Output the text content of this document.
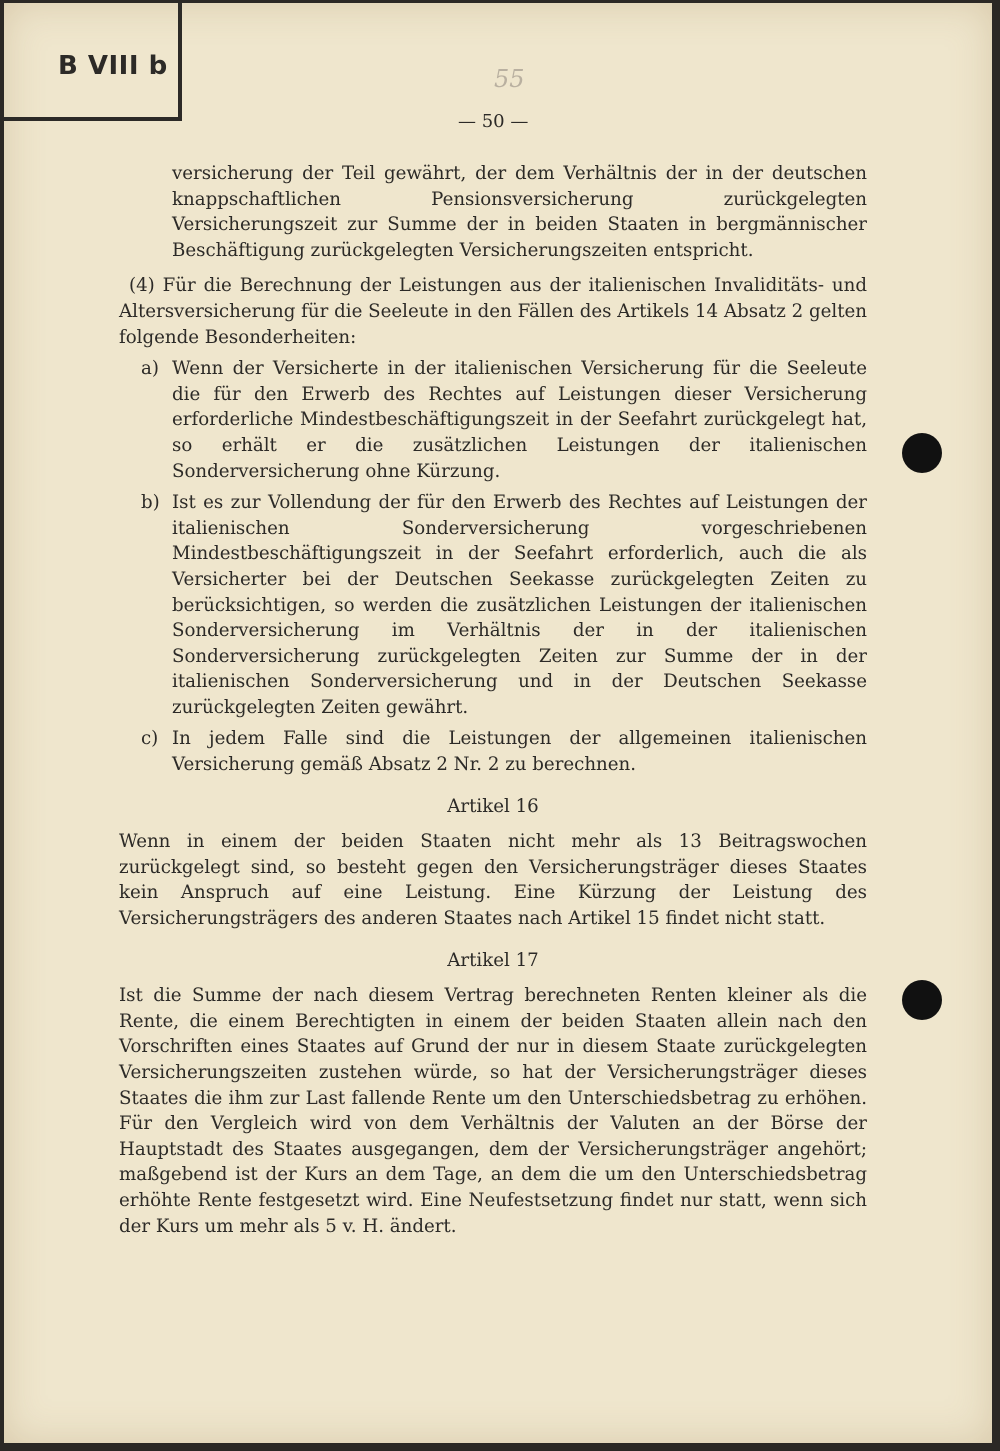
B VIII b	55
— 50 —

versicherung der Teil gewährt, der dem Verhältnis der in der deutschen knappschaftlichen Pensionsversicherung zurückgelegten Versicherungszeit zur Summe der in beiden Staaten in bergmännischer Beschäftigung zurückgelegten Versicherungszeiten entspricht.

(4) Für die Berechnung der Leistungen aus der italienischen Invaliditäts- und Altersversicherung für die Seeleute in den Fällen des Artikels 14 Absatz 2 gelten folgende Besonderheiten:

a) Wenn der Versicherte in der italienischen Versicherung für die Seeleute die für den Erwerb des Rechtes auf Leistungen dieser Versicherung erforderliche Mindestbeschäftigungszeit in der Seefahrt zurückgelegt hat, so erhält er die zusätzlichen Leistungen der italienischen Sonderversicherung ohne Kürzung.

b) Ist es zur Vollendung der für den Erwerb des Rechtes auf Leistungen der italienischen Sonderversicherung vorgeschriebenen Mindestbeschäftigungszeit in der Seefahrt erforderlich, auch die als Versicherter bei der Deutschen Seekasse zurückgelegten Zeiten zu berücksichtigen, so werden die zusätzlichen Leistungen der italienischen Sonderversicherung im Verhältnis der in der italienischen Sonderversicherung zurückgelegten Zeiten zur Summe der in der italienischen Sonderversicherung und in der Deutschen Seekasse zurückgelegten Zeiten gewährt.

c) In jedem Falle sind die Leistungen der allgemeinen italienischen Versicherung gemäß Absatz 2 Nr. 2 zu berechnen.

Artikel 16

Wenn in einem der beiden Staaten nicht mehr als 13 Beitragswochen zurückgelegt sind, so besteht gegen den Versicherungsträger dieses Staates kein Anspruch auf eine Leistung. Eine Kürzung der Leistung des Versicherungsträgers des anderen Staates nach Artikel 15 findet nicht statt.

Artikel 17

Ist die Summe der nach diesem Vertrag berechneten Renten kleiner als die Rente, die einem Berechtigten in einem der beiden Staaten allein nach den Vorschriften eines Staates auf Grund der nur in diesem Staate zurückgelegten Versicherungszeiten zustehen würde, so hat der Versicherungsträger dieses Staates die ihm zur Last fallende Rente um den Unterschiedsbetrag zu erhöhen. Für den Vergleich wird von dem Verhältnis der Valuten an der Börse der Hauptstadt des Staates ausgegangen, dem der Versicherungsträger angehört; maßgebend ist der Kurs an dem Tage, an dem die um den Unterschiedsbetrag erhöhte Rente festgesetzt wird. Eine Neufestsetzung findet nur statt, wenn sich der Kurs um mehr als 5 v. H. ändert.
